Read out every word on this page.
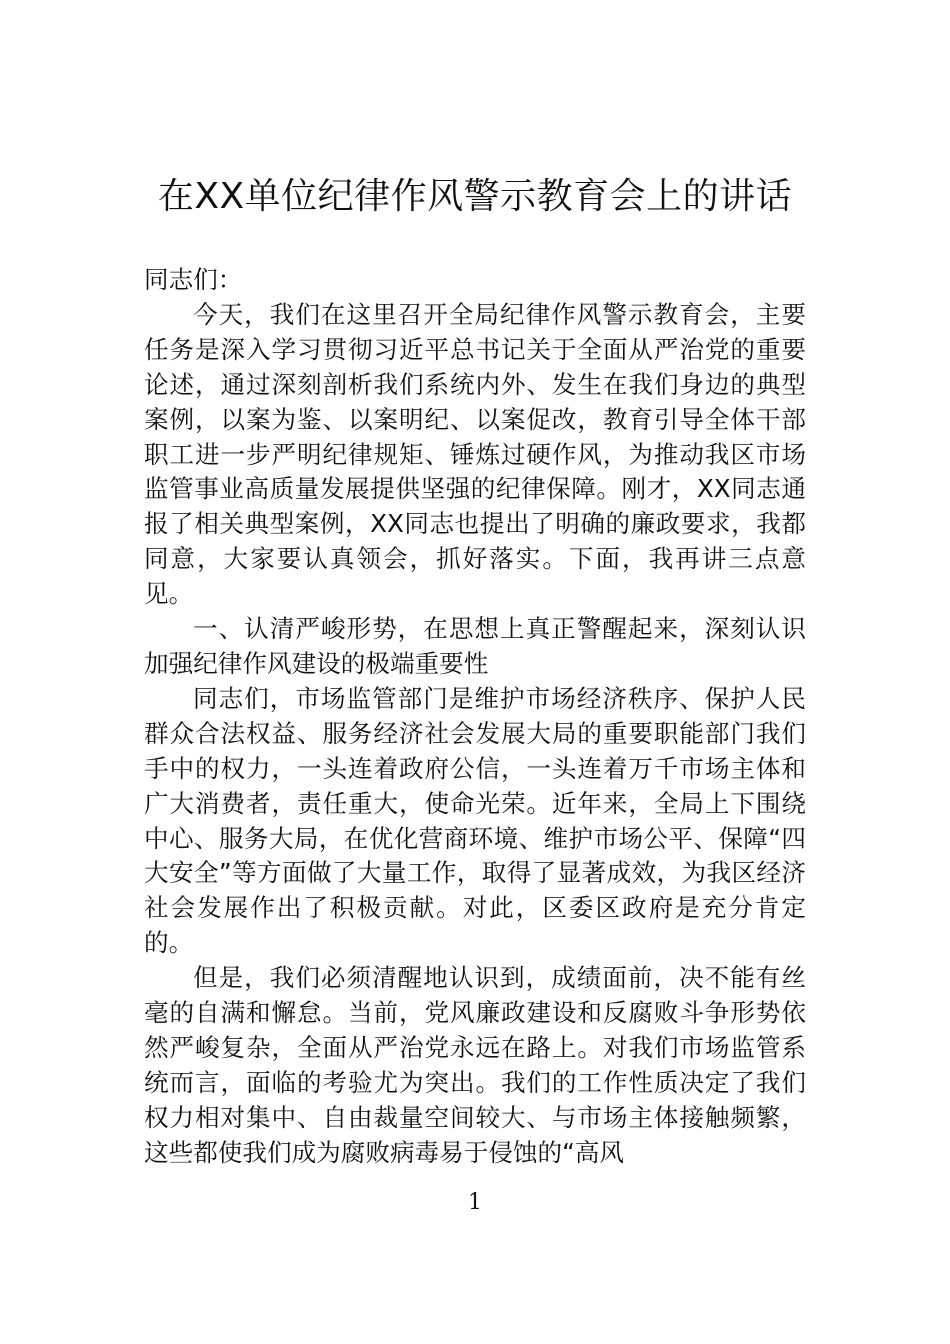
在XX单位纪律作风警示教育会上的讲话

同志们：

今天，我们在这里召开全局纪律作风警示教育会，主要任务是深入学习贯彻习近平总书记关于全面从严治党的重要论述，通过深刻剖析我们系统内外、发生在我们身边的典型案例，以案为鉴、以案明纪、以案促改，教育引导全体干部职工进一步严明纪律规矩、锤炼过硬作风，为推动我区市场监管事业高质量发展提供坚强的纪律保障。刚才，XX同志通报了相关典型案例，XX同志也提出了明确的廉政要求，我都同意，大家要认真领会，抓好落实。下面，我再讲三点意见。

一、认清严峻形势，在思想上真正警醒起来，深刻认识加强纪律作风建设的极端重要性

同志们，市场监管部门是维护市场经济秩序、保护人民群众合法权益、服务经济社会发展大局的重要职能部门我们手中的权力，一头连着政府公信，一头连着万千市场主体和广大消费者，责任重大，使命光荣。近年来，全局上下围绕中心、服务大局，在优化营商环境、维护市场公平、保障“四大安全”等方面做了大量工作，取得了显著成效，为我区经济社会发展作出了积极贡献。对此，区委区政府是充分肯定的。

但是，我们必须清醒地认识到，成绩面前，决不能有丝毫的自满和懈怠。当前，党风廉政建设和反腐败斗争形势依然严峻复杂，全面从严治党永远在路上。对我们市场监管系统而言，面临的考验尤为突出。我们的工作性质决定了我们权力相对集中、自由裁量空间较大、与市场主体接触频繁，这些都使我们成为腐败病毒易于侵蚀的“高风

1
